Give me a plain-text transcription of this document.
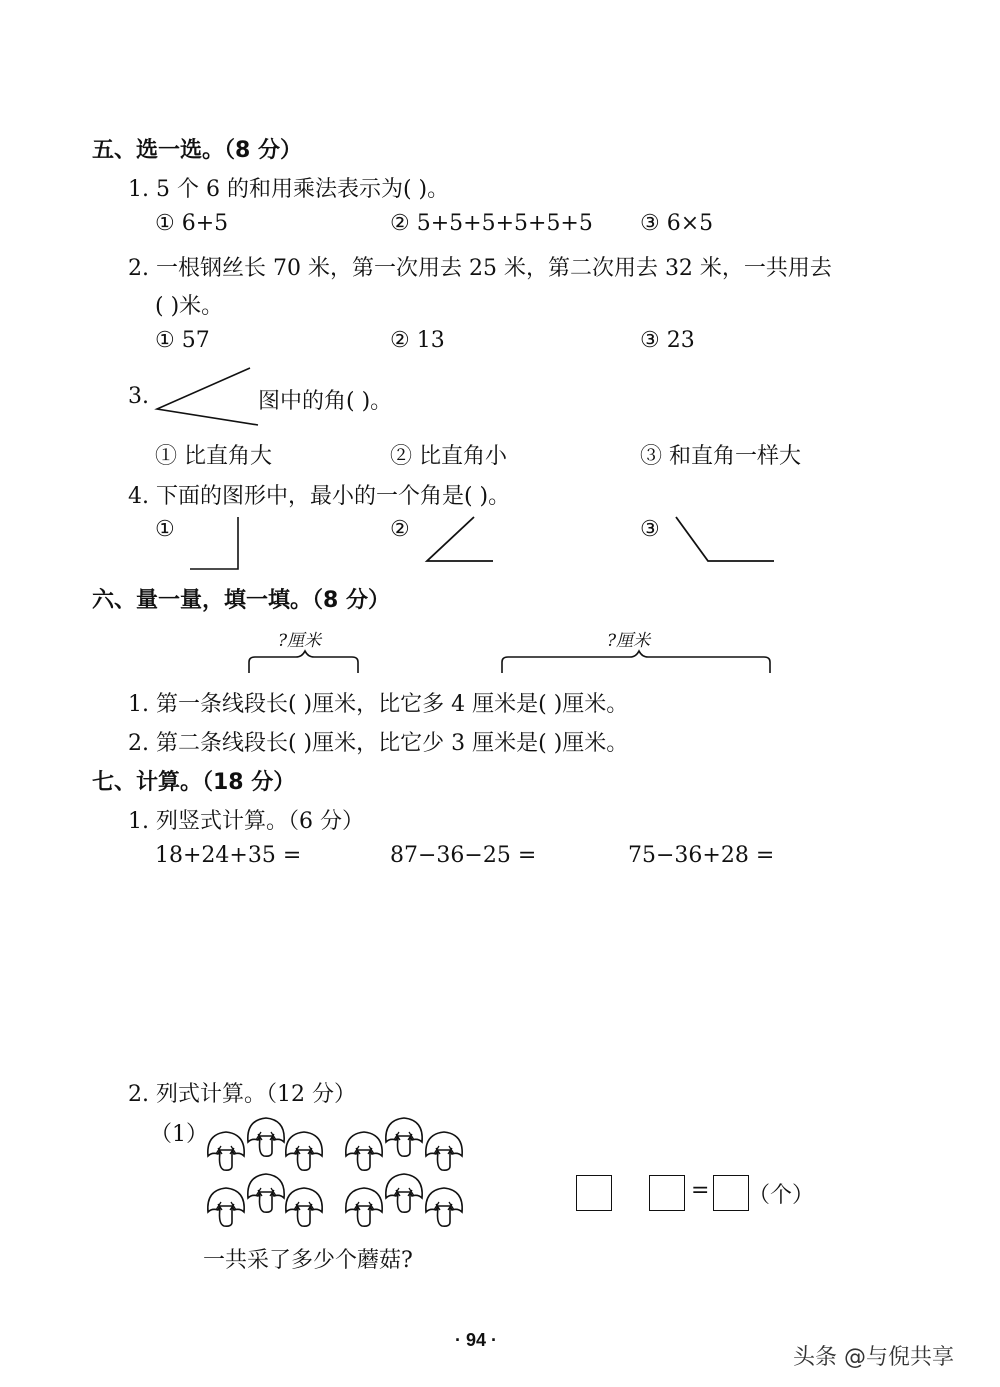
五、选一选。（8 分）
1. 5 个 6 的和用乘法表示为( )。
① 6+5	② 5+5+5+5+5+5 ③ 6×5
2. 一根钢丝长 70 米，第一次用去 25 米，第二次用去 32 米，一共用去
( )米。
① 57	② 13	③ 23
3.	图中的角( )。
① 比直角大	② 比直角小	③ 和直角一样大
4. 下面的图形中，最小的一个角是( )。
①	②	③
六、量一量，填一填。（8 分）
?厘米	?厘米
1. 第一条线段长( )厘米，比它多 4 厘米是( )厘米。
2. 第二条线段长( )厘米，比它少 3 厘米是( )厘米。
七、计算。（18 分）
1. 列竖式计算。（6 分）
18+24+35 =	87−36−25 =	75−36+28 =
2. 列式计算。（12 分）
（1）
= （个）
一共采了多少个蘑菇?
· 94 ·
头条 @与倪共享
